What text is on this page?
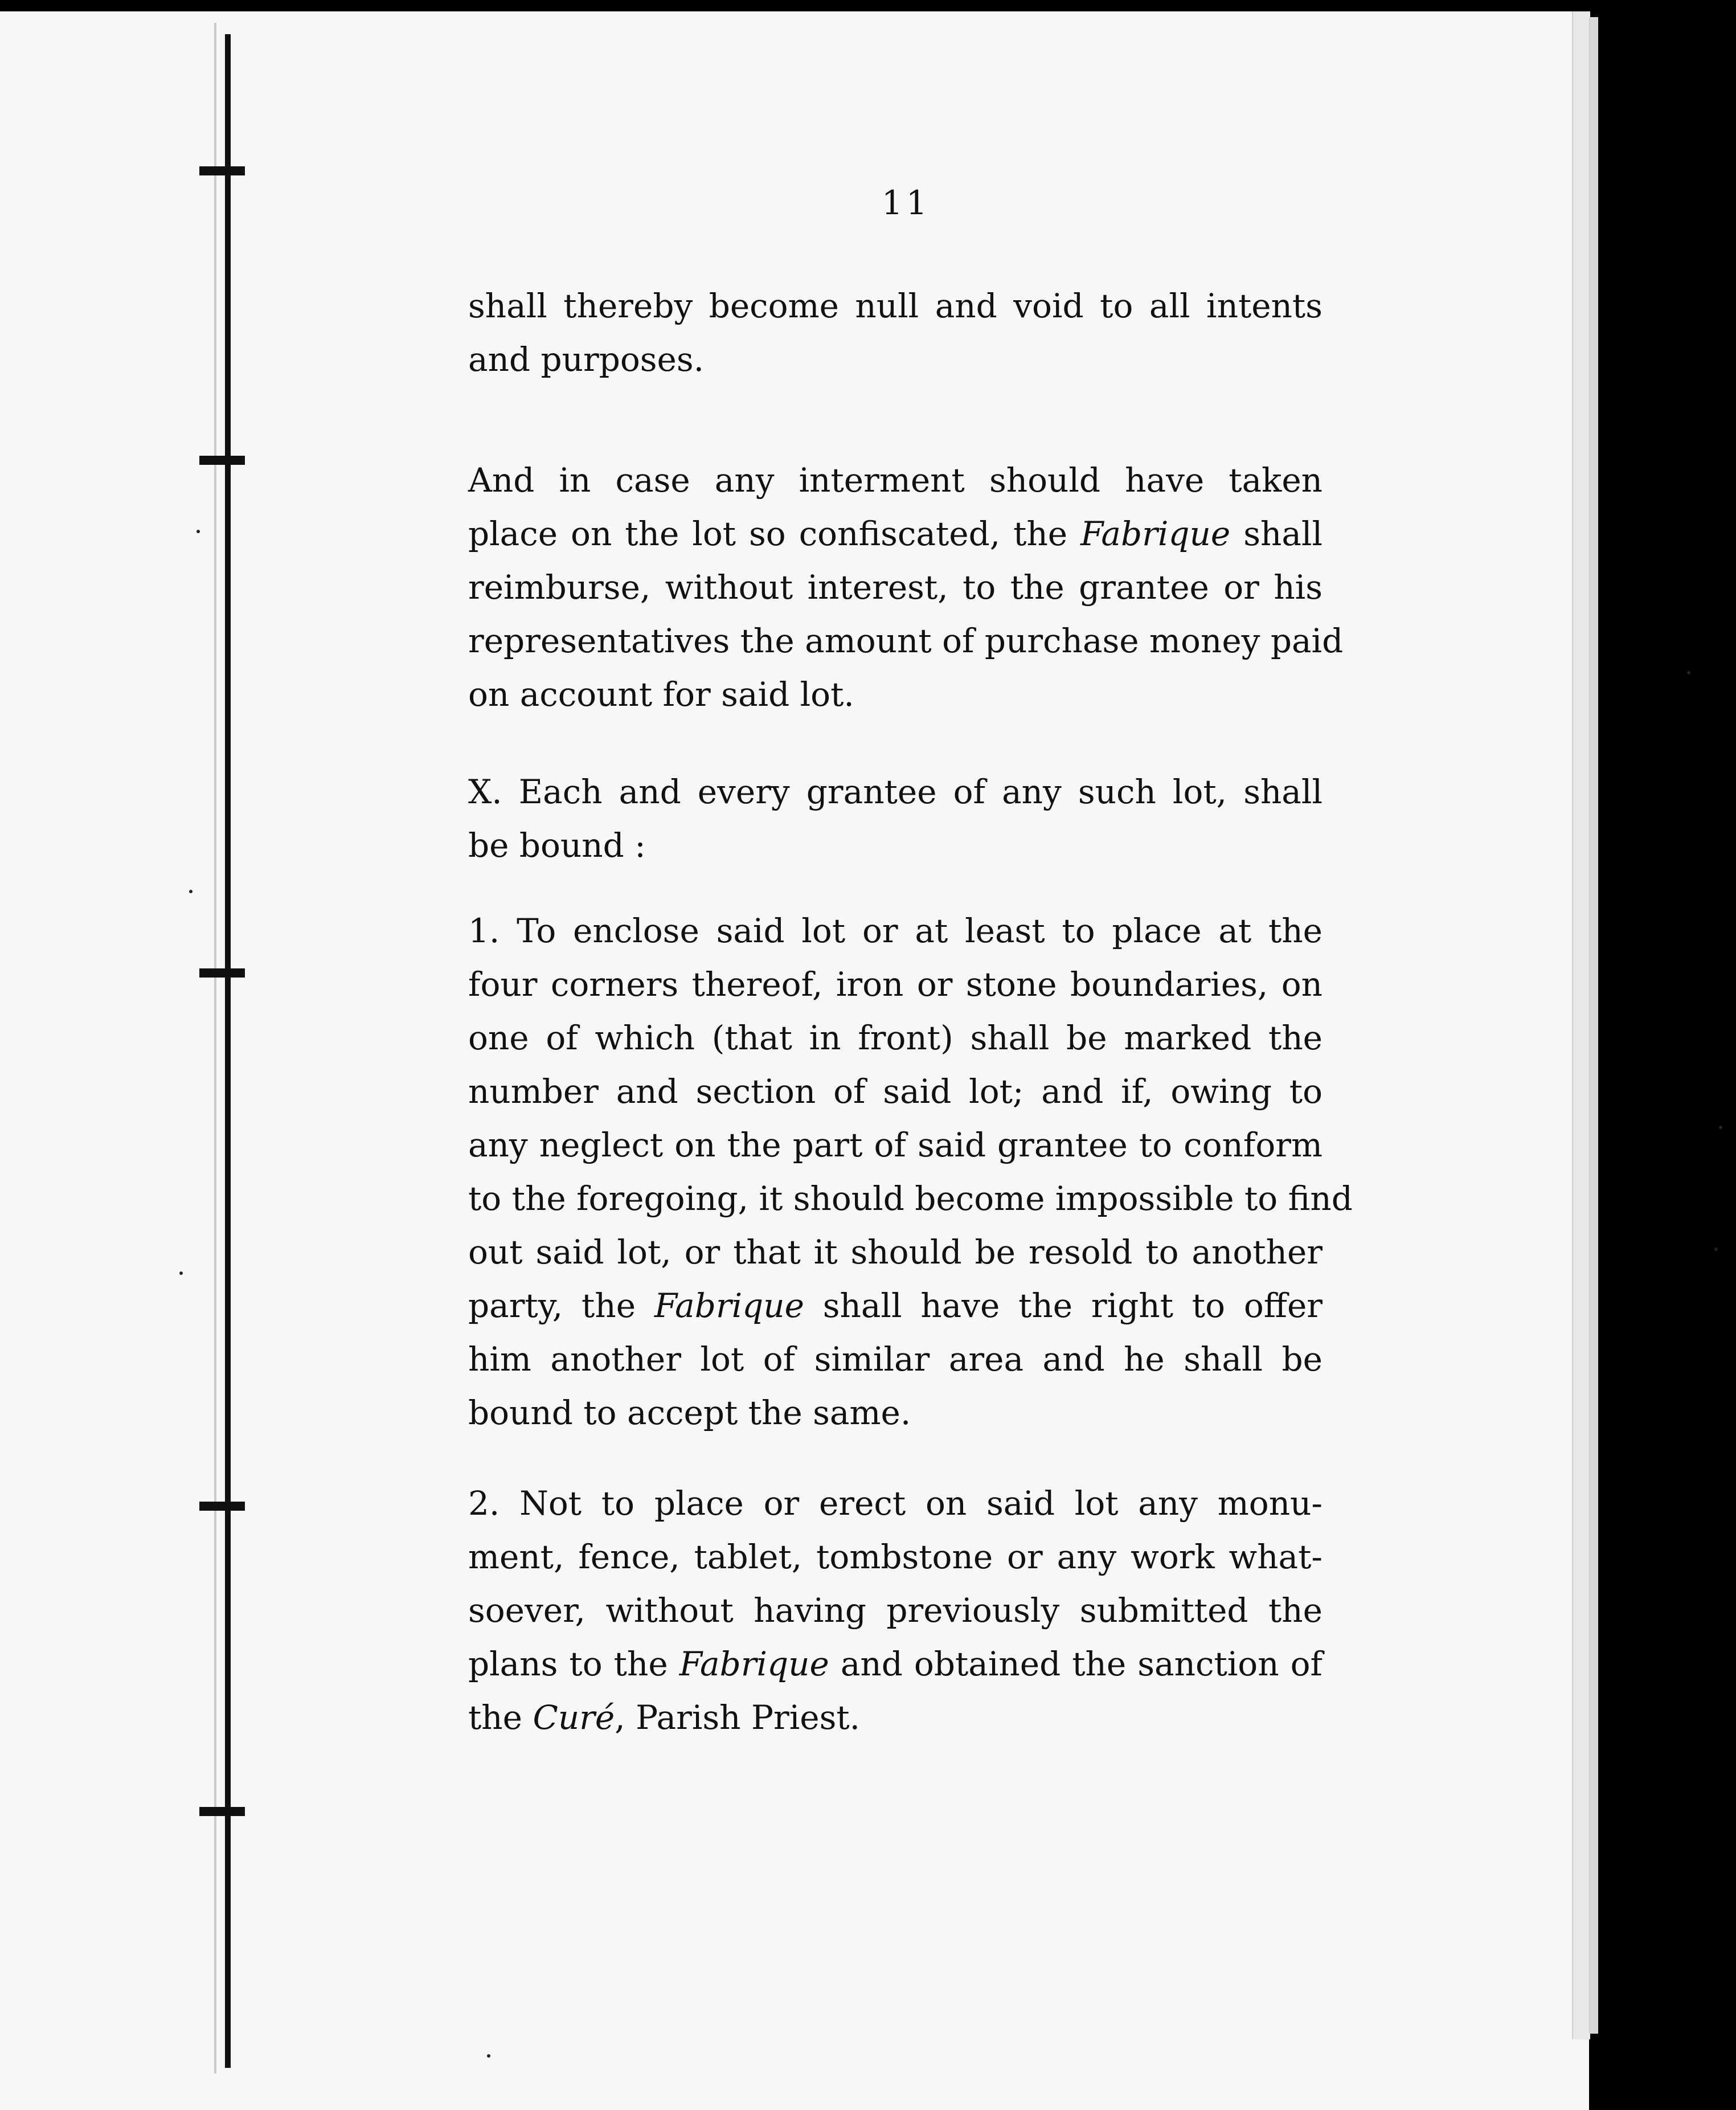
11
shall thereby become null and void to all intents
and purposes.
And in case any interment should have taken
place on the lot so confiscated, the Fabrique shall
reimburse, without interest, to the grantee or his
representatives the amount of purchase money paid
on account for said lot.
X. Each and every grantee of any such lot, shall
be bound :
1. To enclose said lot or at least to place at the
four corners thereof, iron or stone boundaries, on
one of which (that in front) shall be marked the
number and section of said lot; and if, owing to
any neglect on the part of said grantee to conform
to the foregoing, it should become impossible to find
out said lot, or that it should be resold to another
party, the Fabrique shall have the right to offer
him another lot of similar area and he shall be
bound to accept the same.
2. Not to place or erect on said lot any monu-
ment, fence, tablet, tombstone or any work what-
soever, without having previously submitted the
plans to the Fabrique and obtained the sanction of
the Curé, Parish Priest.
